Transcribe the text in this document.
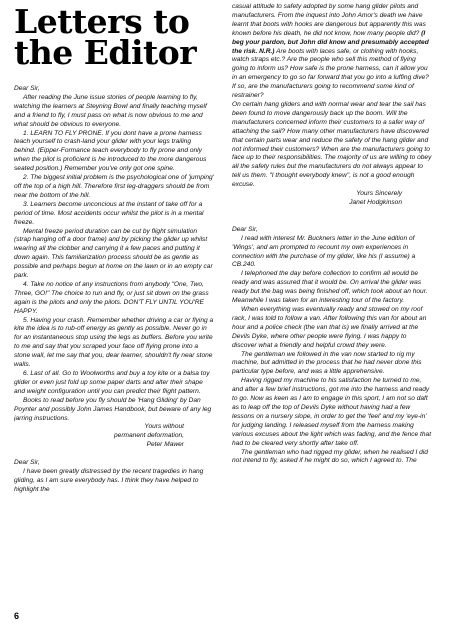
Letters to the Editor

Dear Sir,

After reading the June issue stories of people learning to fly, watching the learners at Steyning Bowl and finally teaching myself and a friend to fly, I must pass on what is now obvious to me and what should be obvious to everyone.

1. LEARN TO FLY PRONE. If you dont have a prone harness teach yourself to crash-land your glider with your legs trailing behind. (Eipper-Formance teach everybody to fly prone and only when the pilot is proficient is he introduced to the more dangerous seated position.) Remember you've only got one spine.

2. The biggest initial problem is the psychological one of 'jumping' off the top of a high hill. Therefore first leg-draggers should be from near the bottom of the hill.

3. Learners become unconcious at the instant of take off for a period of time. Most accidents occur whilst the pilot is in a mental freeze.

Mental freeze period duration can be cut by flight simulation (strap hanging off a door frame) and by picking the glider up whilst wearing all the clobber and carrying it a few paces and putting it down again. This familiarization process should be as gentle as possible and perhaps begun at home on the lawn or in an empty car park.

4. Take no notice of any instructions from anybody "One, Two, Three, GO!" The choice to run and fly, or just sit down on the grass again is the pilots and only the pilots. DON'T FLY UNTIL YOU'RE HAPPY.

5. Having your crash. Remember whether driving a car or flying a kite the idea is to rub-off energy as gently as possible. Never go in for an instantaneous stop using the legs as buffers. Before you write to me and say that you scraped your face off flying prone into a stone wall, let me say that you, dear learner, shouldn't fly near stone walls.

6. Last of all. Go to Woolworths and buy a toy kite or a balsa toy glider or even just fold up some paper darts and alter their shape and weight configuration until you can predict their flight pattern.

Books to read before you fly should be 'Hang Gliding' by Dan Poynter and possibly John James Handbook, but beware of any leg jarring instructions.

Yours without
permanent deformation,
Peter Mawer

Dear Sir,

I have been greatly distressed by the recent tragedies in hang gliding, as I am sure everybody has. I think they have helped to highlight the

casual attitude to safety adopted by some hang glider pilots and manufacturers. From the inquest into John Amor's death we have learnt that boots with hooks are dangerous but apparently this was known before his death, he did not know, how many people did? (I beg your pardon, but John did know and presumably accepted the risk. N.R.) Are boots with laces safe, or clothing with hooks, watch straps etc.? Are the people who sell this method of flying going to inform us? How safe is the prone harness, can it allow you in an emergency to go so far forward that you go into a luffing dive? If so, are the manufacturers going to recommend some kind of restrainer?

On certain hang gliders and with normal wear and tear the sail has been found to move dangerously back up the boom. Will the manufacturers concerned inform their customers to a safer way of attaching the sail? How many other manufacturers have discovered that certain parts wear and reduce the safety of the hang glider and not informed their customers? When are the manufacturers going to face up to their responsibilities. The majority of us are willing to obey all the safety rules but the manufacturers do not always appear to tell us them. "I thought everybody knew", is not a good enough excuse.

Yours Sincerely
Janet Hodgkinson

Dear Sir,

I read with interest Mr. Buckners letter in the June edition of 'Wings', and am prompted to recount my own experiences in connection with the purchase of my glider, like his (I assume) a CB.240.

I telephoned the day before collection to confirm all would be ready and was assured that it would be. On arrival the glider was ready but the bag was being finished off, which took about an hour. Meanwhile I was taken for an interesting tour of the factory.

When everything was eventually ready and stowed on my roof rack, I was told to follow a van. After following this van for about an hour and a police check (the van that is) we finally arrived at the Devils Dyke, where other people were flying. I was happy to discover what a friendly and helpful crowd they were.

The gentleman we followed in the van now started to rig my machine, but admitted in the process that he had never done this particular type before, and was a little apprehensive.

Having rigged my machine to his satisfaction he turned to me, and after a few brief instructions, got me into the harness and ready to go. Now as keen as I am to engage in this sport, I am not so daft as to leap off the top of Devils Dyke without having had a few lessons on a nursery slope, in order to get the 'feel' and my 'eye-in' for judging landing. I released myself from the harness making various excuses about the light which was fading, and the fence that had to be cleared very shortly after take off.

The gentleman who had rigged my glider, when he realised I did not intend to fly, asked if he might do so, which I agreed to. The

6
